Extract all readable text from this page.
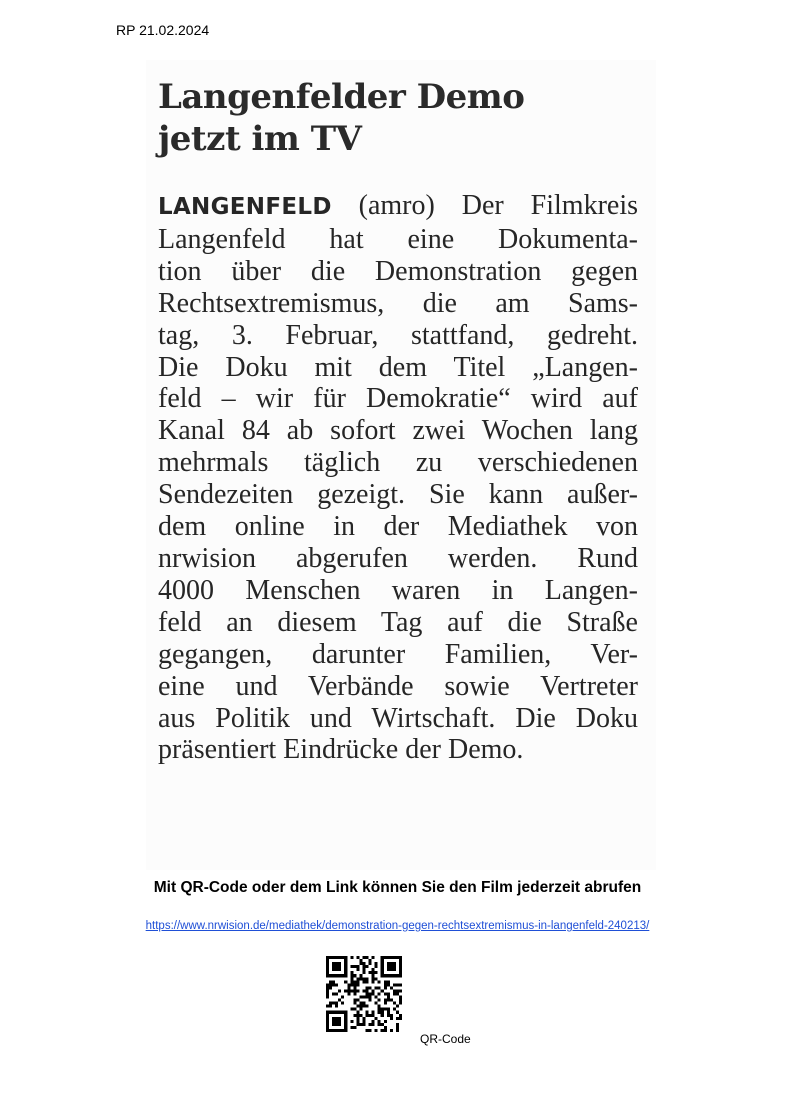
RP 21.02.2024
Langenfelder Demo
jetzt im TV
LANGENFELD (amro) Der Filmkreis
Langenfeld hat eine Dokumenta-
tion über die Demonstration gegen
Rechtsextremismus, die am Sams-
tag, 3. Februar, stattfand, gedreht.
Die Doku mit dem Titel „Langen-
feld – wir für Demokratie“ wird auf
Kanal 84 ab sofort zwei Wochen lang
mehrmals täglich zu verschiedenen
Sendezeiten gezeigt. Sie kann außer-
dem online in der Mediathek von
nrwision abgerufen werden. Rund
4000 Menschen waren in Langen-
feld an diesem Tag auf die Straße
gegangen, darunter Familien, Ver-
eine und Verbände sowie Vertreter
aus Politik und Wirtschaft. Die Doku
präsentiert Eindrücke der Demo.

Mit QR-Code oder dem Link können Sie den Film jederzeit abrufen

https://www.nrwision.de/mediathek/demonstration-gegen-rechtsextremismus-in-langenfeld-240213/
QR-Code
